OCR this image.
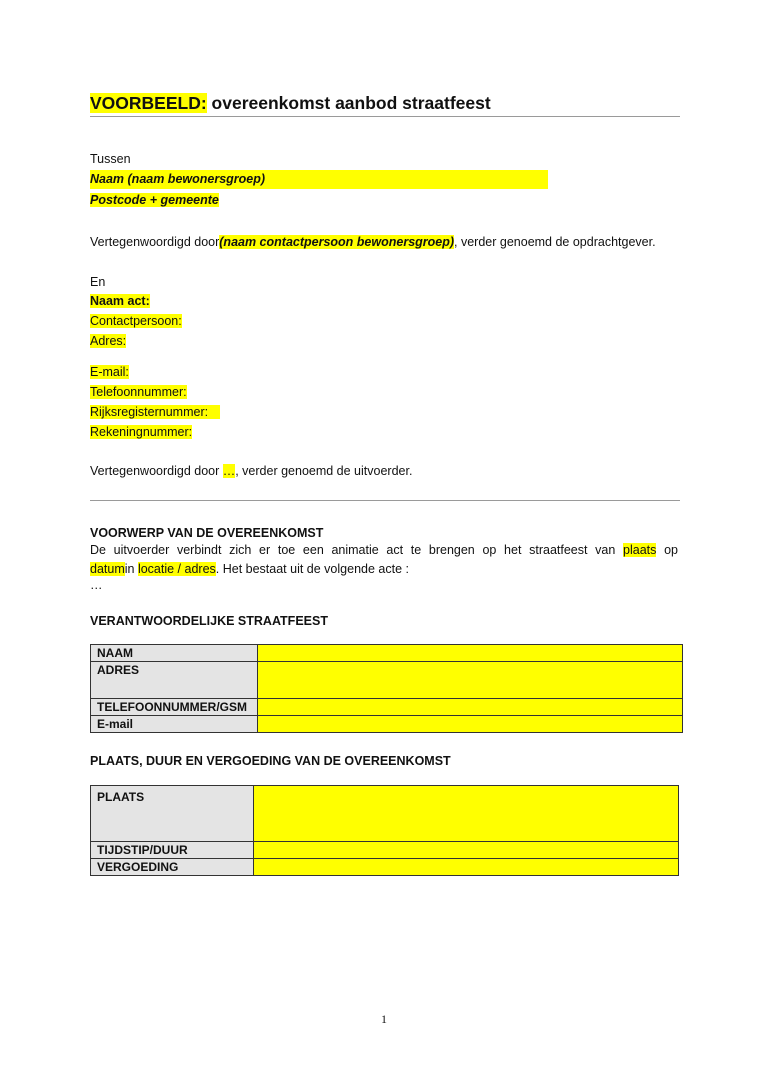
VOORBEELD: overeenkomst aanbod straatfeest
Tussen
Naam (naam bewonersgroep)
Postcode + gemeente
Vertegenwoordigd door(naam contactpersoon bewonersgroep), verder genoemd de opdrachtgever.
En
Naam act:
Contactpersoon:
Adres:
E-mail:
Telefoonnummer:
Rijksregisternummer:
Rekeningnummer:
Vertegenwoordigd door …, verder genoemd de uitvoerder.
VOORWERP VAN DE OVEREENKOMST
De uitvoerder verbindt zich er toe een animatie act te brengen op het straatfeest van plaats op
datumin locatie / adres. Het bestaat uit de volgende acte :
…
VERANTWOORDELIJKE STRAATFEEST
NAAM	
ADRES	
TELEFOONNUMMER/GSM	
E-mail	
PLAATS, DUUR EN VERGOEDING VAN DE OVEREENKOMST
PLAATS	
TIJDSTIP/DUUR	
VERGOEDING	
1
